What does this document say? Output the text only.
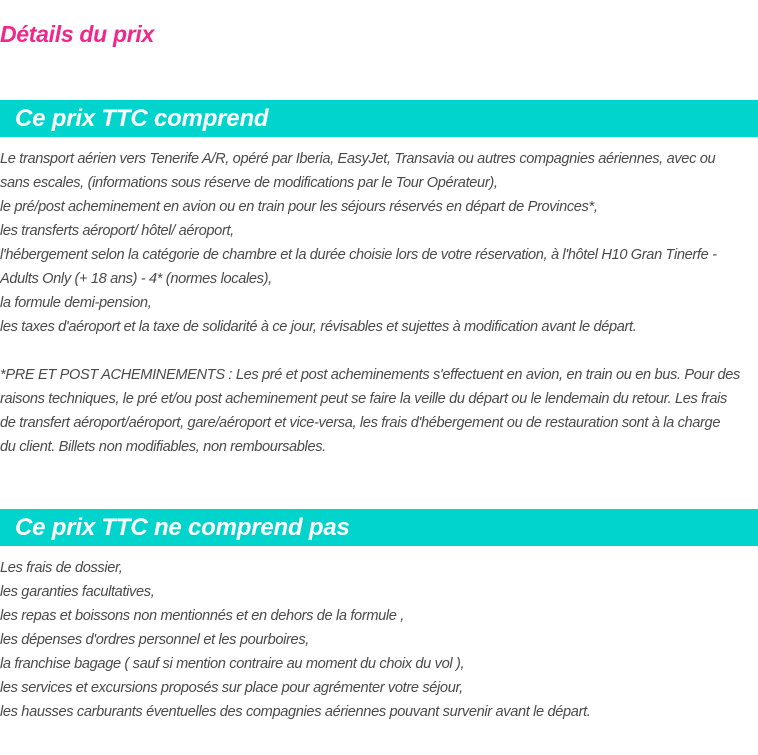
Détails du prix
Ce prix TTC comprend
Le transport aérien vers Tenerife A/R, opéré par Iberia, EasyJet, Transavia ou autres compagnies aériennes, avec ou
sans escales, (informations sous réserve de modifications par le Tour Opérateur),
le pré/post acheminement en avion ou en train pour les séjours réservés en départ de Provinces*,
les transferts aéroport/ hôtel/ aéroport,
l'hébergement selon la catégorie de chambre et la durée choisie lors de votre réservation, à l'hôtel H10 Gran Tinerfe -
Adults Only (+ 18 ans) - 4* (normes locales),
la formule demi-pension,
les taxes d'aéroport et la taxe de solidarité à ce jour, révisables et sujettes à modification avant le départ.
*PRE ET POST ACHEMINEMENTS : Les pré et post acheminements s'effectuent en avion, en train ou en bus. Pour des
raisons techniques, le pré et/ou post acheminement peut se faire la veille du départ ou le lendemain du retour. Les frais
de transfert aéroport/aéroport, gare/aéroport et vice-versa, les frais d'hébergement ou de restauration sont à la charge
du client. Billets non modifiables, non remboursables.
Ce prix TTC ne comprend pas
Les frais de dossier,
les garanties facultatives,
les repas et boissons non mentionnés et en dehors de la formule ,
les dépenses d'ordres personnel et les pourboires,
la franchise bagage ( sauf si mention contraire au moment du choix du vol ),
les services et excursions proposés sur place pour agrémenter votre séjour,
les hausses carburants éventuelles des compagnies aériennes pouvant survenir avant le départ.
